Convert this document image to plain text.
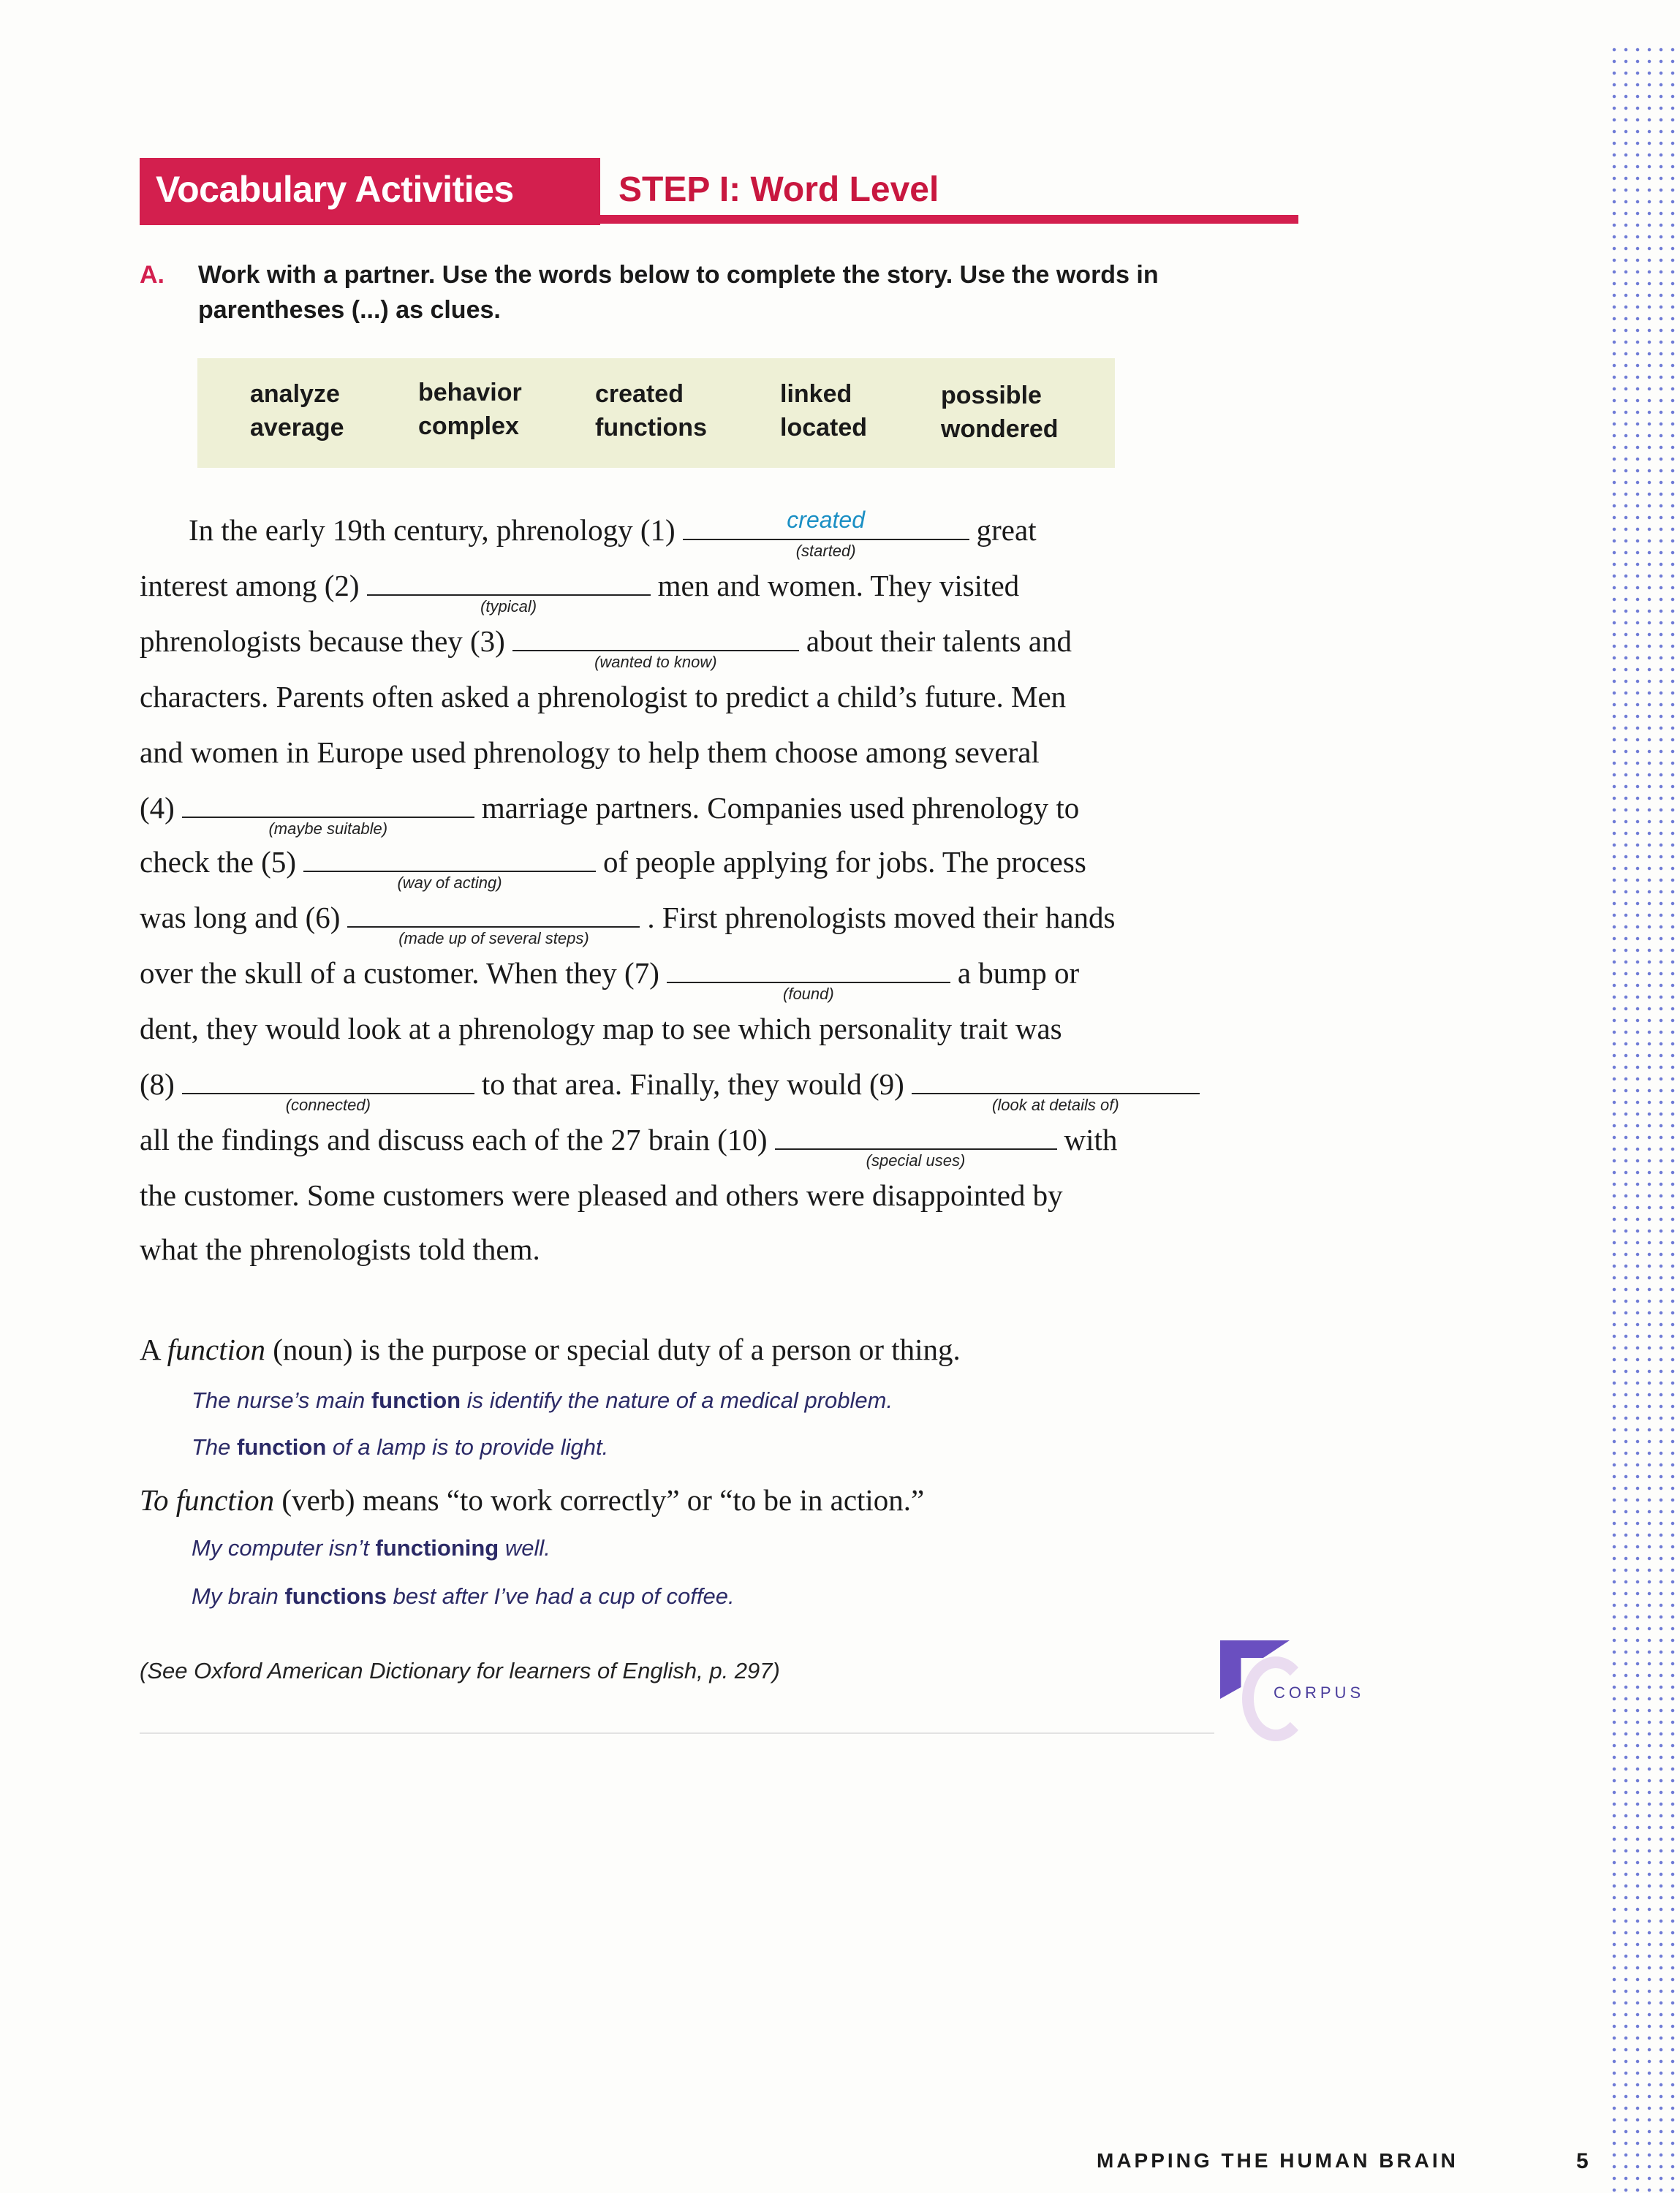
Vocabulary Activities	STEP I: Word Level
A. Work with a partner. Use the words below to complete the story. Use the words in parentheses (...) as clues.
analyze	behavior	created	linked	possible
average	complex	functions	located	wondered
In the early 19th century, phrenology (1)	created
(started)
great
interest among (2)
(typical)
men and women. They visited
phrenologists because they (3)
(wanted to know)
about their talents and
characters. Parents often asked a phrenologist to predict a child’s future. Men
and women in Europe used phrenology to help them choose among several
(4)
(maybe suitable)
marriage partners. Companies used phrenology to
check the (5)
(way of acting)
of people applying for jobs. The process
was long and (6)
(made up of several steps)
. First phrenologists moved their hands
over the skull of a customer. When they (7)
(found)
a bump or
dent, they would look at a phrenology map to see which personality trait was
(8)
(connected)
to that area. Finally, they would (9)
(look at details of)
all the findings and discuss each of the 27 brain (10)
(special uses)
with
the customer. Some customers were pleased and others were disappointed by
what the phrenologists told them.
A function (noun) is the purpose or special duty of a person or thing.
The nurse’s main function is identify the nature of a medical problem.
The function of a lamp is to provide light.
To function (verb) means “to work correctly” or “to be in action.”
My computer isn’t functioning well.
My brain functions best after I’ve had a cup of coffee.
(See Oxford American Dictionary for learners of English, p. 297)
CORPUS
MAPPING THE HUMAN BRAIN	5
